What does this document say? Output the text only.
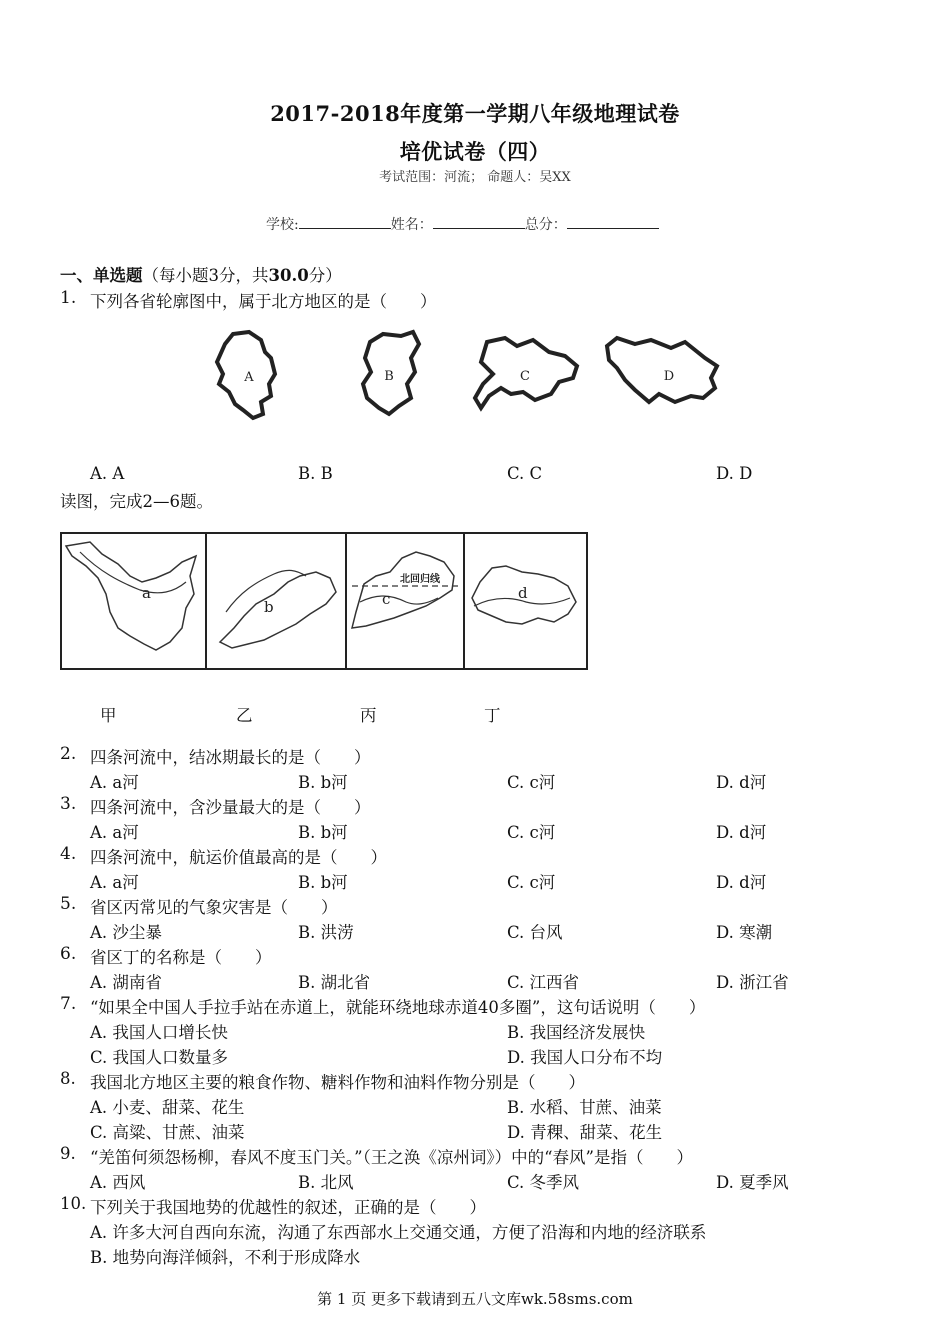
2017-2018年度第一学期八年级地理试卷
培优试卷（四）
考试范围：河流； 命题人：吴XX
学校:	姓名：	总分：
一、单选题（每小题3分，共30.0分）
1. 下列各省轮廓图中，属于北方地区的是（　　）
A	B	C	D
A. A	B. B	C. C	D. D
读图，完成2—6题。
a
b	c	d
北回归线
甲	乙	丙	丁
2. 四条河流中，结冰期最长的是（　　）
A. a河	B. b河	C. c河	D. d河
3. 四条河流中，含沙量最大的是（　　）
A. a河	B. b河	C. c河	D. d河
4. 四条河流中，航运价值最高的是（　　）
A. a河	B. b河	C. c河	D. d河
5. 省区丙常见的气象灾害是（　　）
A. 沙尘暴	B. 洪涝	C. 台风	D. 寒潮
6. 省区丁的名称是（　　）
A. 湖南省	B. 湖北省	C. 江西省	D. 浙江省
7. “如果全中国人手拉手站在赤道上，就能环绕地球赤道40多圈”，这句话说明（　　）
A. 我国人口增长快	B. 我国经济发展快
C. 我国人口数量多	D. 我国人口分布不均
8. 我国北方地区主要的粮食作物、糖料作物和油料作物分别是（　　）
A. 小麦、甜菜、花生	B. 水稻、甘蔗、油菜
C. 高粱、甘蔗、油菜	D. 青稞、甜菜、花生
9. “羌笛何须怨杨柳，春风不度玉门关。”（王之涣《凉州词》）中的“春风”是指（　　）
A. 西风	B. 北风	C. 冬季风	D. 夏季风
10. 下列关于我国地势的优越性的叙述，正确的是（　　）
A. 许多大河自西向东流，沟通了东西部水上交通交通，方便了沿海和内地的经济联系
B. 地势向海洋倾斜，不利于形成降水
第 1 页 更多下载请到五八文库wk.58sms.com
